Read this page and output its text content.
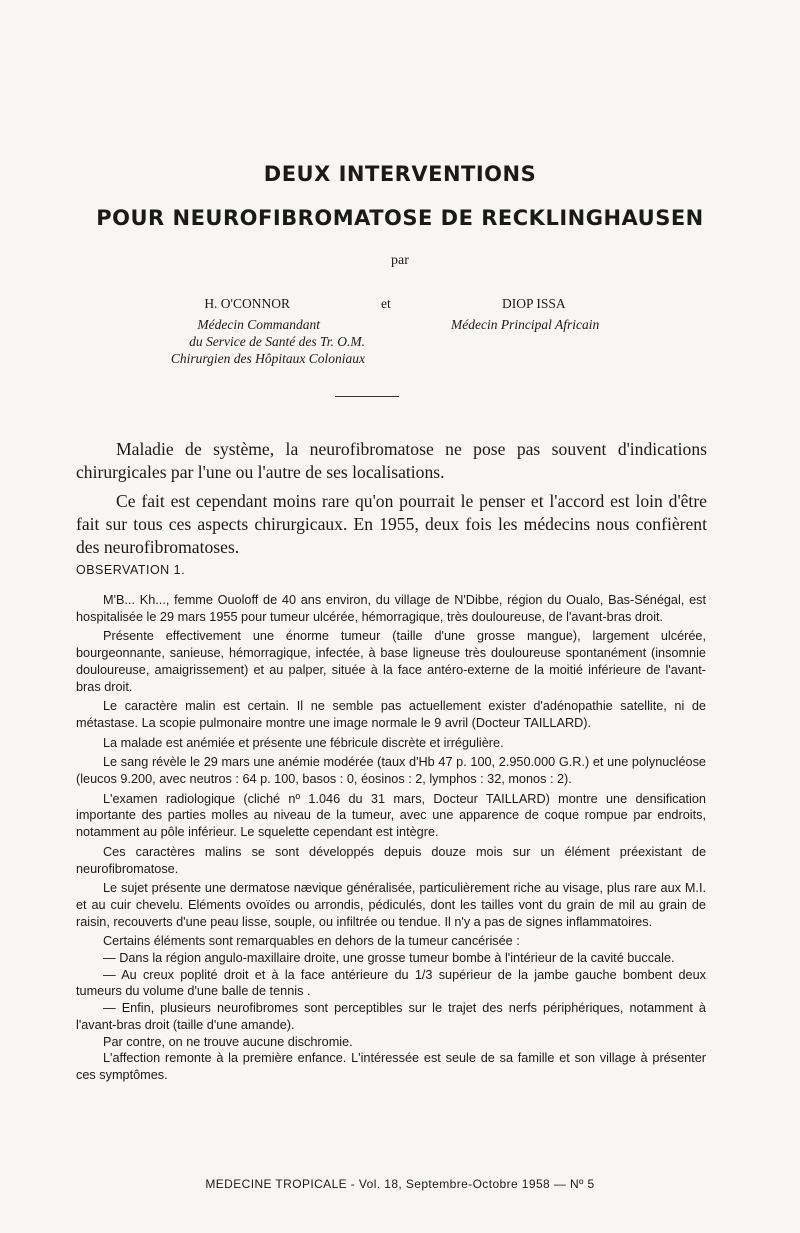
DEUX INTERVENTIONS
POUR NEUROFIBROMATOSE DE RECKLINGHAUSEN
par
H. O'CONNOR
Médecin Commandant
du Service de Santé des Tr. O.M.
Chirurgien des Hôpitaux Coloniaux
et	DIOP ISSA
Médecin Principal Africain

Maladie de système, la neurofibromatose ne pose pas souvent d'indications chirurgicales par l'une ou l'autre de ses localisations.

Ce fait est cependant moins rare qu'on pourrait le penser et l'accord est loin d'être fait sur tous ces aspects chirurgicaux. En 1955, deux fois les médecins nous confièrent des neurofibromatoses.

OBSERVATION 1.

M'B... Kh..., femme Ouoloff de 40 ans environ, du village de N'Dibbe, région du Oualo, Bas-Sénégal, est hospitalisée le 29 mars 1955 pour tumeur ulcérée, hémorragique, très douloureuse, de l'avant-bras droit.

Présente effectivement une énorme tumeur (taille d'une grosse mangue), largement ulcérée, bourgeonnante, sanieuse, hémorragique, infectée, à base ligneuse très douloureuse spontanément (insomnie douloureuse, amaigrissement) et au palper, située à la face antéro-externe de la moitié inférieure de l'avant-bras droit.

Le caractère malin est certain. Il ne semble pas actuellement exister d'adénopathie satellite, ni de métastase. La scopie pulmonaire montre une image normale le 9 avril (Docteur TAILLARD).

La malade est anémiée et présente une fébricule discrète et irrégulière.

Le sang révèle le 29 mars une anémie modérée (taux d'Hb 47 p. 100, 2.950.000 G.R.) et une polynucléose (leucos 9.200, avec neutros : 64 p. 100, basos : 0, éosinos : 2, lymphos : 32, monos : 2).

L'examen radiologique (cliché nº 1.046 du 31 mars, Docteur TAILLARD) montre une densification importante des parties molles au niveau de la tumeur, avec une apparence de coque rompue par endroits, notamment au pôle inférieur. Le squelette cependant est intègre.

Ces caractères malins se sont développés depuis douze mois sur un élément préexistant de neurofibromatose.

Le sujet présente une dermatose nævique généralisée, particulièrement riche au visage, plus rare aux M.I. et au cuir chevelu. Eléments ovoïdes ou arrondis, pédiculés, dont les tailles vont du grain de mil au grain de raisin, recouverts d'une peau lisse, souple, ou infiltrée ou tendue. Il n'y a pas de signes inflammatoires.

Certains éléments sont remarquables en dehors de la tumeur cancérisée :

— Dans la région angulo-maxillaire droite, une grosse tumeur bombe à l'intérieur de la cavité buccale.

— Au creux poplité droit et à la face antérieure du 1/3 supérieur de la jambe gauche bombent deux tumeurs du volume d'une balle de tennis .

— Enfin, plusieurs neurofibromes sont perceptibles sur le trajet des nerfs périphériques, notamment à l'avant-bras droit (taille d'une amande).

Par contre, on ne trouve aucune dischromie.

L'affection remonte à la première enfance. L'intéressée est seule de sa famille et son village à présenter ces symptômes.

MEDECINE TROPICALE - Vol. 18, Septembre-Octobre 1958 — Nº 5
